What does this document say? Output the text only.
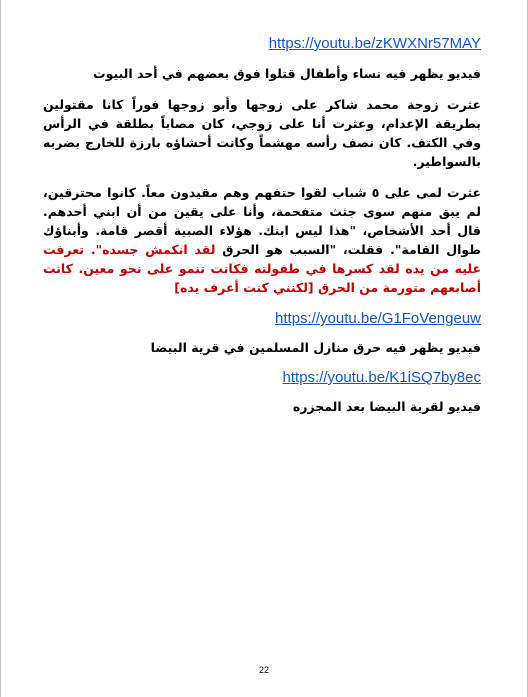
https://youtu.be/zKWXNr57MAY
فيديو يظهر فيه نساء وأطفال قتلوا فوق بعضهم في أحد البيوت

عثرت زوجة محمد شاكر على زوجها وأبو زوجها فوراً كانا مقتولين بطريقة الإعدام، وعثرت أنا على زوجي، كان مصاباً بطلقة في الرأس وفي الكتف. كان نصف رأسه مهشماً وكانت أحشاؤه بارزة للخارج بضربه بالسواطير.

عثرت لمى على ٥ شباب لقوا حتفهم وهم مقيدون معاً. كانوا محترقين، لم يبق منهم سوى جثث متفحمة، وأنا على يقين من أن ابني أحدهم. قال أحد الأشخاص، "هذا ليس ابنك. هؤلاء الصبية أقصر قامة. وأبناؤك طوال القامة". فقلت، "السبب هو الحرق لقد انكمش جسده". تعرفت عليه من يده لقد كسرها في طفولته فكانت تنمو على نحو معين. كانت أصابعهم متورمة من الحرق [لكنني كنت أعرف يده]

https://youtu.be/G1FoVengeuw
فيديو يظهر فيه حرق منازل المسلمين في قرية البيضا
https://youtu.be/K1iSQ7by8ec
فيديو لقرية البيضا بعد المجزره
22
